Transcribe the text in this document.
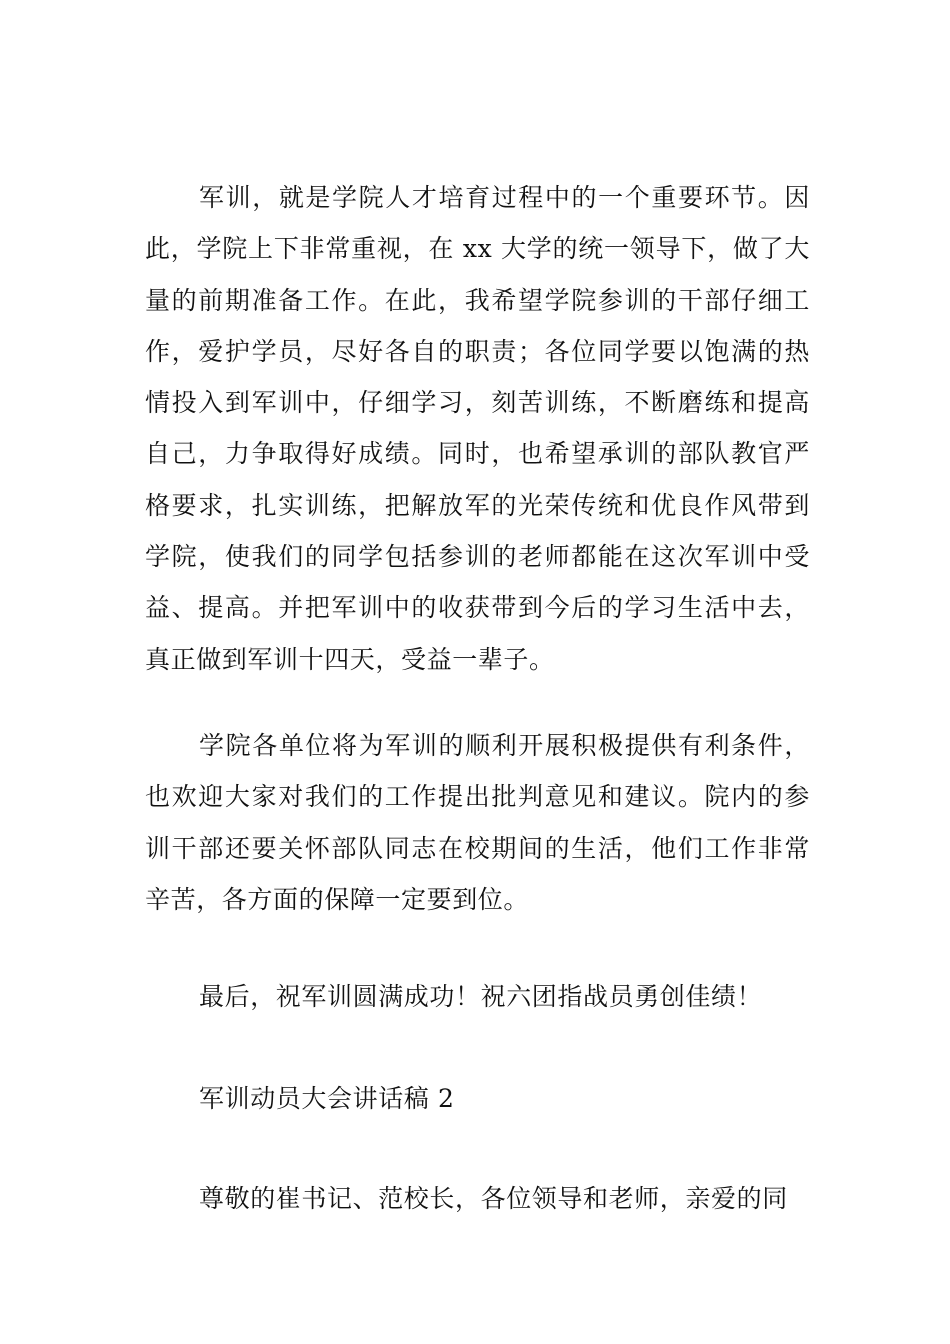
军训，就是学院人才培育过程中的一个重要环节。因此，学院上下非常重视，在 xx 大学的统一领导下，做了大量的前期准备工作。在此，我希望学院参训的干部仔细工作，爱护学员，尽好各自的职责；各位同学要以饱满的热情投入到军训中，仔细学习，刻苦训练，不断磨练和提高自己，力争取得好成绩。同时，也希望承训的部队教官严格要求，扎实训练，把解放军的光荣传统和优良作风带到学院，使我们的同学包括参训的老师都能在这次军训中受益、提高。并把军训中的收获带到今后的学习生活中去，真正做到军训十四天，受益一辈子。

学院各单位将为军训的顺利开展积极提供有利条件，也欢迎大家对我们的工作提出批判意见和建议。院内的参训干部还要关怀部队同志在校期间的生活，他们工作非常辛苦，各方面的保障一定要到位。

最后，祝军训圆满成功！祝六团指战员勇创佳绩！

军训动员大会讲话稿 2

尊敬的崔书记、范校长，各位领导和老师，亲爱的同
